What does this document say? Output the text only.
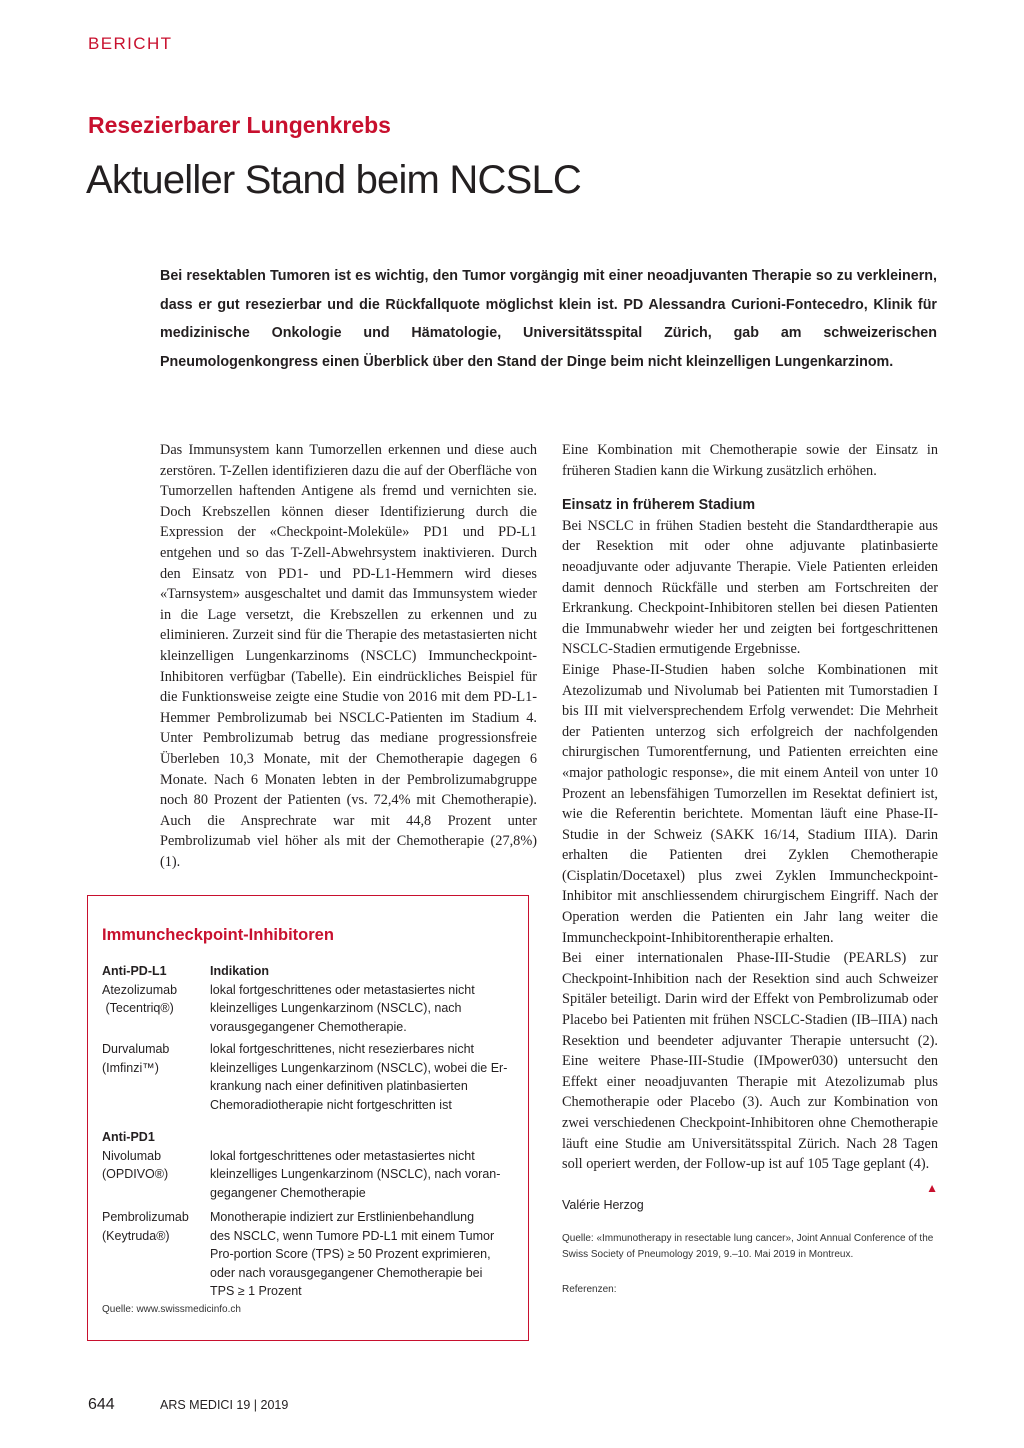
BERICHT
Resezierbarer Lungenkrebs
Aktueller Stand beim NCSLC

Bei resektablen Tumoren ist es wichtig, den Tumor vorgängig mit einer neoadjuvanten Therapie so zu verkleinern, dass er gut resezierbar und die Rückfallquote möglichst klein ist. PD Alessandra Curioni-Fontecedro, Klinik für medizinische Onkologie und Hämatologie, Universitätsspital Zürich, gab am schweizerischen Pneumologenkongress einen Überblick über den Stand der Dinge beim nicht kleinzelligen Lungenkarzinom.

Das Immunsystem kann Tumorzellen erkennen und diese auch zerstören. T-Zellen identifizieren dazu die auf der Oberfläche von Tumorzellen haftenden Antigene als fremd und vernichten sie. Doch Krebszellen können dieser Identifizierung durch die Expression der «Checkpoint-Moleküle» PD1 und PD-L1 entgehen und so das T-Zell-Abwehrsystem inaktivieren. Durch den Einsatz von PD1- und PD-L1-Hemmern wird dieses «Tarnsystem» ausgeschaltet und damit das Immunsystem wieder in die Lage versetzt, die Krebszellen zu erkennen und zu eliminieren. Zurzeit sind für die Therapie des metastasierten nicht kleinzelligen Lungenkarzinoms (NSCLC) Immuncheckpoint-Inhibitoren verfügbar (Tabelle). Ein eindrückliches Beispiel für die Funktionsweise zeigte eine Studie von 2016 mit dem PD-L1-Hemmer Pembrolizumab bei NSCLC-Patienten im Stadium 4. Unter Pembrolizumab betrug das mediane progressionsfreie Überleben 10,3 Monate, mit der Chemotherapie dagegen 6 Monate. Nach 6 Monaten lebten in der Pembrolizumabgruppe noch 80 Prozent der Patienten (vs. 72,4% mit Chemotherapie). Auch die Ansprechrate war mit 44,8 Prozent unter Pembrolizumab viel höher als mit der Chemotherapie (27,8%) (1).

Eine Kombination mit Chemotherapie sowie der Einsatz in früheren Stadien kann die Wirkung zusätzlich erhöhen.

Einsatz in früherem Stadium

Bei NSCLC in frühen Stadien besteht die Standardtherapie aus der Resektion mit oder ohne adjuvante platinbasierte neoadjuvante oder adjuvante Therapie. Viele Patienten erleiden damit dennoch Rückfälle und sterben am Fortschreiten der Erkrankung. Checkpoint-Inhibitoren stellen bei diesen Patienten die Immunabwehr wieder her und zeigten bei fortgeschrittenen NSCLC-Stadien ermutigende Ergebnisse.

Einige Phase-II-Studien haben solche Kombinationen mit Atezolizumab und Nivolumab bei Patienten mit Tumorstadien I bis III mit vielversprechendem Erfolg verwendet: Die Mehrheit der Patienten unterzog sich erfolgreich der nachfolgenden chirurgischen Tumorentfernung, und Patienten erreichten eine «major pathologic response», die mit einem Anteil von unter 10 Prozent an lebensfähigen Tumorzellen im Resektat definiert ist, wie die Referentin berichtete. Momentan läuft eine Phase-II-Studie in der Schweiz (SAKK 16/14, Stadium IIIA). Darin erhalten die Patienten drei Zyklen Chemotherapie (Cisplatin/Docetaxel) plus zwei Zyklen Immuncheckpoint-Inhibitor mit anschliessendem chirurgischem Eingriff. Nach der Operation werden die Patienten ein Jahr lang weiter die Immuncheckpoint-Inhibitorentherapie erhalten.

Bei einer internationalen Phase-III-Studie (PEARLS) zur Checkpoint-Inhibition nach der Resektion sind auch Schweizer Spitäler beteiligt. Darin wird der Effekt von Pembrolizumab oder Placebo bei Patienten mit frühen NSCLC-Stadien (IB–IIIA) nach Resektion und beendeter adjuvanter Therapie untersucht (2). Eine weitere Phase-III-Studie (IMpower030) untersucht den Effekt einer neoadjuvanten Therapie mit Atezolizumab plus Chemotherapie oder Placebo (3). Auch zur Kombination von zwei verschiedenen Checkpoint-Inhibitoren ohne Chemotherapie läuft eine Studie am Universitätsspital Zürich. Nach 28 Tagen soll operiert werden, der Follow-up ist auf 105 Tage geplant (4).
▲

Valérie Herzog
Quelle: «Immunotherapy in resectable lung cancer», Joint Annual Conference of the Swiss Society of Pneumology 2019, 9.–10. Mai 2019 in Montreux.
Referenzen:
Immuncheckpoint-Inhibitoren
Anti-PD-L1	Indikation
Atezolizumab
(Tecentriq®)
lokal fortgeschrittenes oder metastasiertes nicht
kleinzelliges Lungenkarzinom (NSCLC), nach
vorausgegangener Chemotherapie.
Durvalumab
(Imfinzi™)
lokal fortgeschrittenes, nicht resezierbares nicht
kleinzelliges Lungenkarzinom (NSCLC), wobei die Er-
krankung nach einer definitiven platinbasierten
Chemoradiotherapie nicht fortgeschritten ist
Anti-PD1
Nivolumab
(OPDIVO®)
lokal fortgeschrittenes oder metastasiertes nicht
kleinzelliges Lungenkarzinom (NSCLC), nach voran-
gegangener Chemotherapie
Pembrolizumab
(Keytruda®)
Monotherapie indiziert zur Erstlinienbehandlung
des NSCLC, wenn Tumore PD-L1 mit einem Tumor
Pro-portion Score (TPS) ≥ 50 Prozent exprimieren,
oder nach vorausgegangener Chemotherapie bei
TPS ≥ 1 Prozent
Quelle: www.swissmedicinfo.ch
644	ARS MEDICI 19 | 2019
